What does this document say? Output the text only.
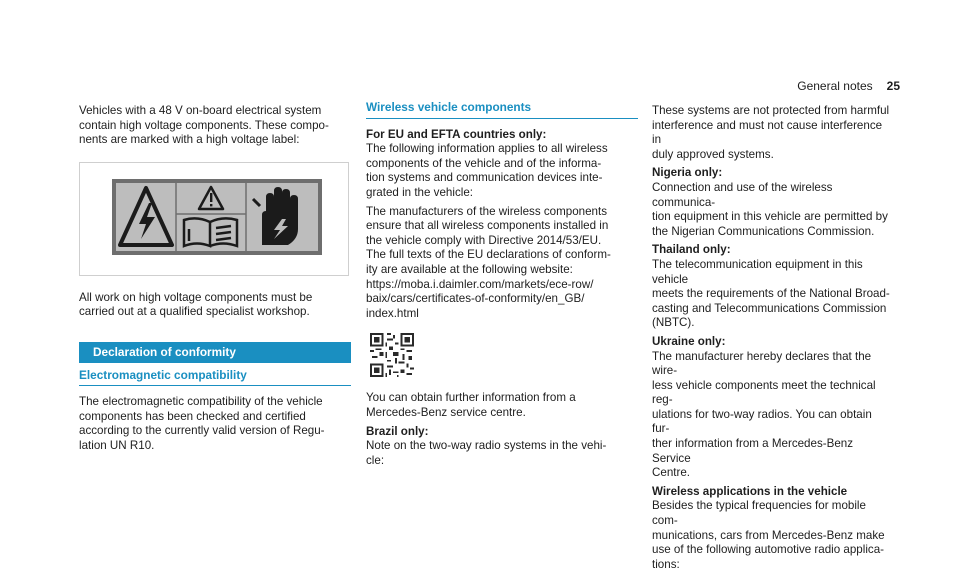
General notes 25

Vehicles with a 48 V on-board electrical system
contain high voltage components. These compo-
nents are marked with a high voltage label:

All work on high voltage components must be
carried out at a qualified specialist workshop.

Declaration of conformity
Electromagnetic compatibility

The electromagnetic compatibility of the vehicle
components has been checked and certified
according to the currently valid version of Regu-
lation UN R10.

Wireless vehicle components

For EU and EFTA countries only:

The following information applies to all wireless
components of the vehicle and of the informa-
tion systems and communication devices inte-
grated in the vehicle:

The manufacturers of the wireless components
ensure that all wireless components installed in
the vehicle comply with Directive 2014/53/EU.
The full texts of the EU declarations of conform-
ity are available at the following website:
https://moba.i.daimler.com/markets/ece-row/
baix/cars/certificates-of-conformity/en_GB/
index.html

You can obtain further information from a
Mercedes-Benz service centre.

Brazil only:

Note on the two-way radio systems in the vehi-
cle:

These systems are not protected from harmful
interference and must not cause interference in
duly approved systems.

Nigeria only:

Connection and use of the wireless communica-
tion equipment in this vehicle are permitted by
the Nigerian Communications Commission.

Thailand only:

The telecommunication equipment in this vehicle
meets the requirements of the National Broad-
casting and Telecommunications Commission
(NBTC).

Ukraine only:

The manufacturer hereby declares that the wire-
less vehicle components meet the technical reg-
ulations for two-way radios. You can obtain fur-
ther information from a Mercedes-Benz Service
Centre.

Wireless applications in the vehicle

Besides the typical frequencies for mobile com-
munications, cars from Mercedes-Benz make
use of the following automotive radio applica-
tions:
